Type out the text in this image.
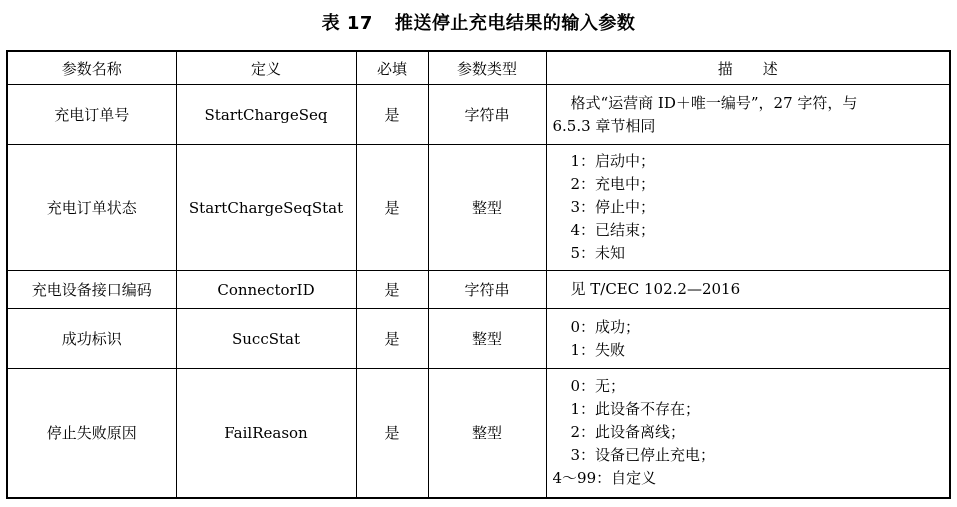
表 17 推送停止充电结果的输入参数
参数名称	定义	必填	参数类型	描　　述
充电订单号	StartChargeSeq	是	字符串	格式“运营商 ID＋唯一编号”，27 字符，与
6.5.3 章节相同

充电订单状态	StartChargeSeqStat	是	整型	1：启动中；
2：充电中；
3：停止中；
4：已结束；
5：未知

充电设备接口编码	ConnectorID	是	字符串	见 T/CEC 102.2—2016

成功标识	SuccStat	是	整型	0：成功；
1：失败

停止失败原因	FailReason	是	整型	0：无；
1：此设备不存在；
2：此设备离线；
3：设备已停止充电；
4～99：自定义
